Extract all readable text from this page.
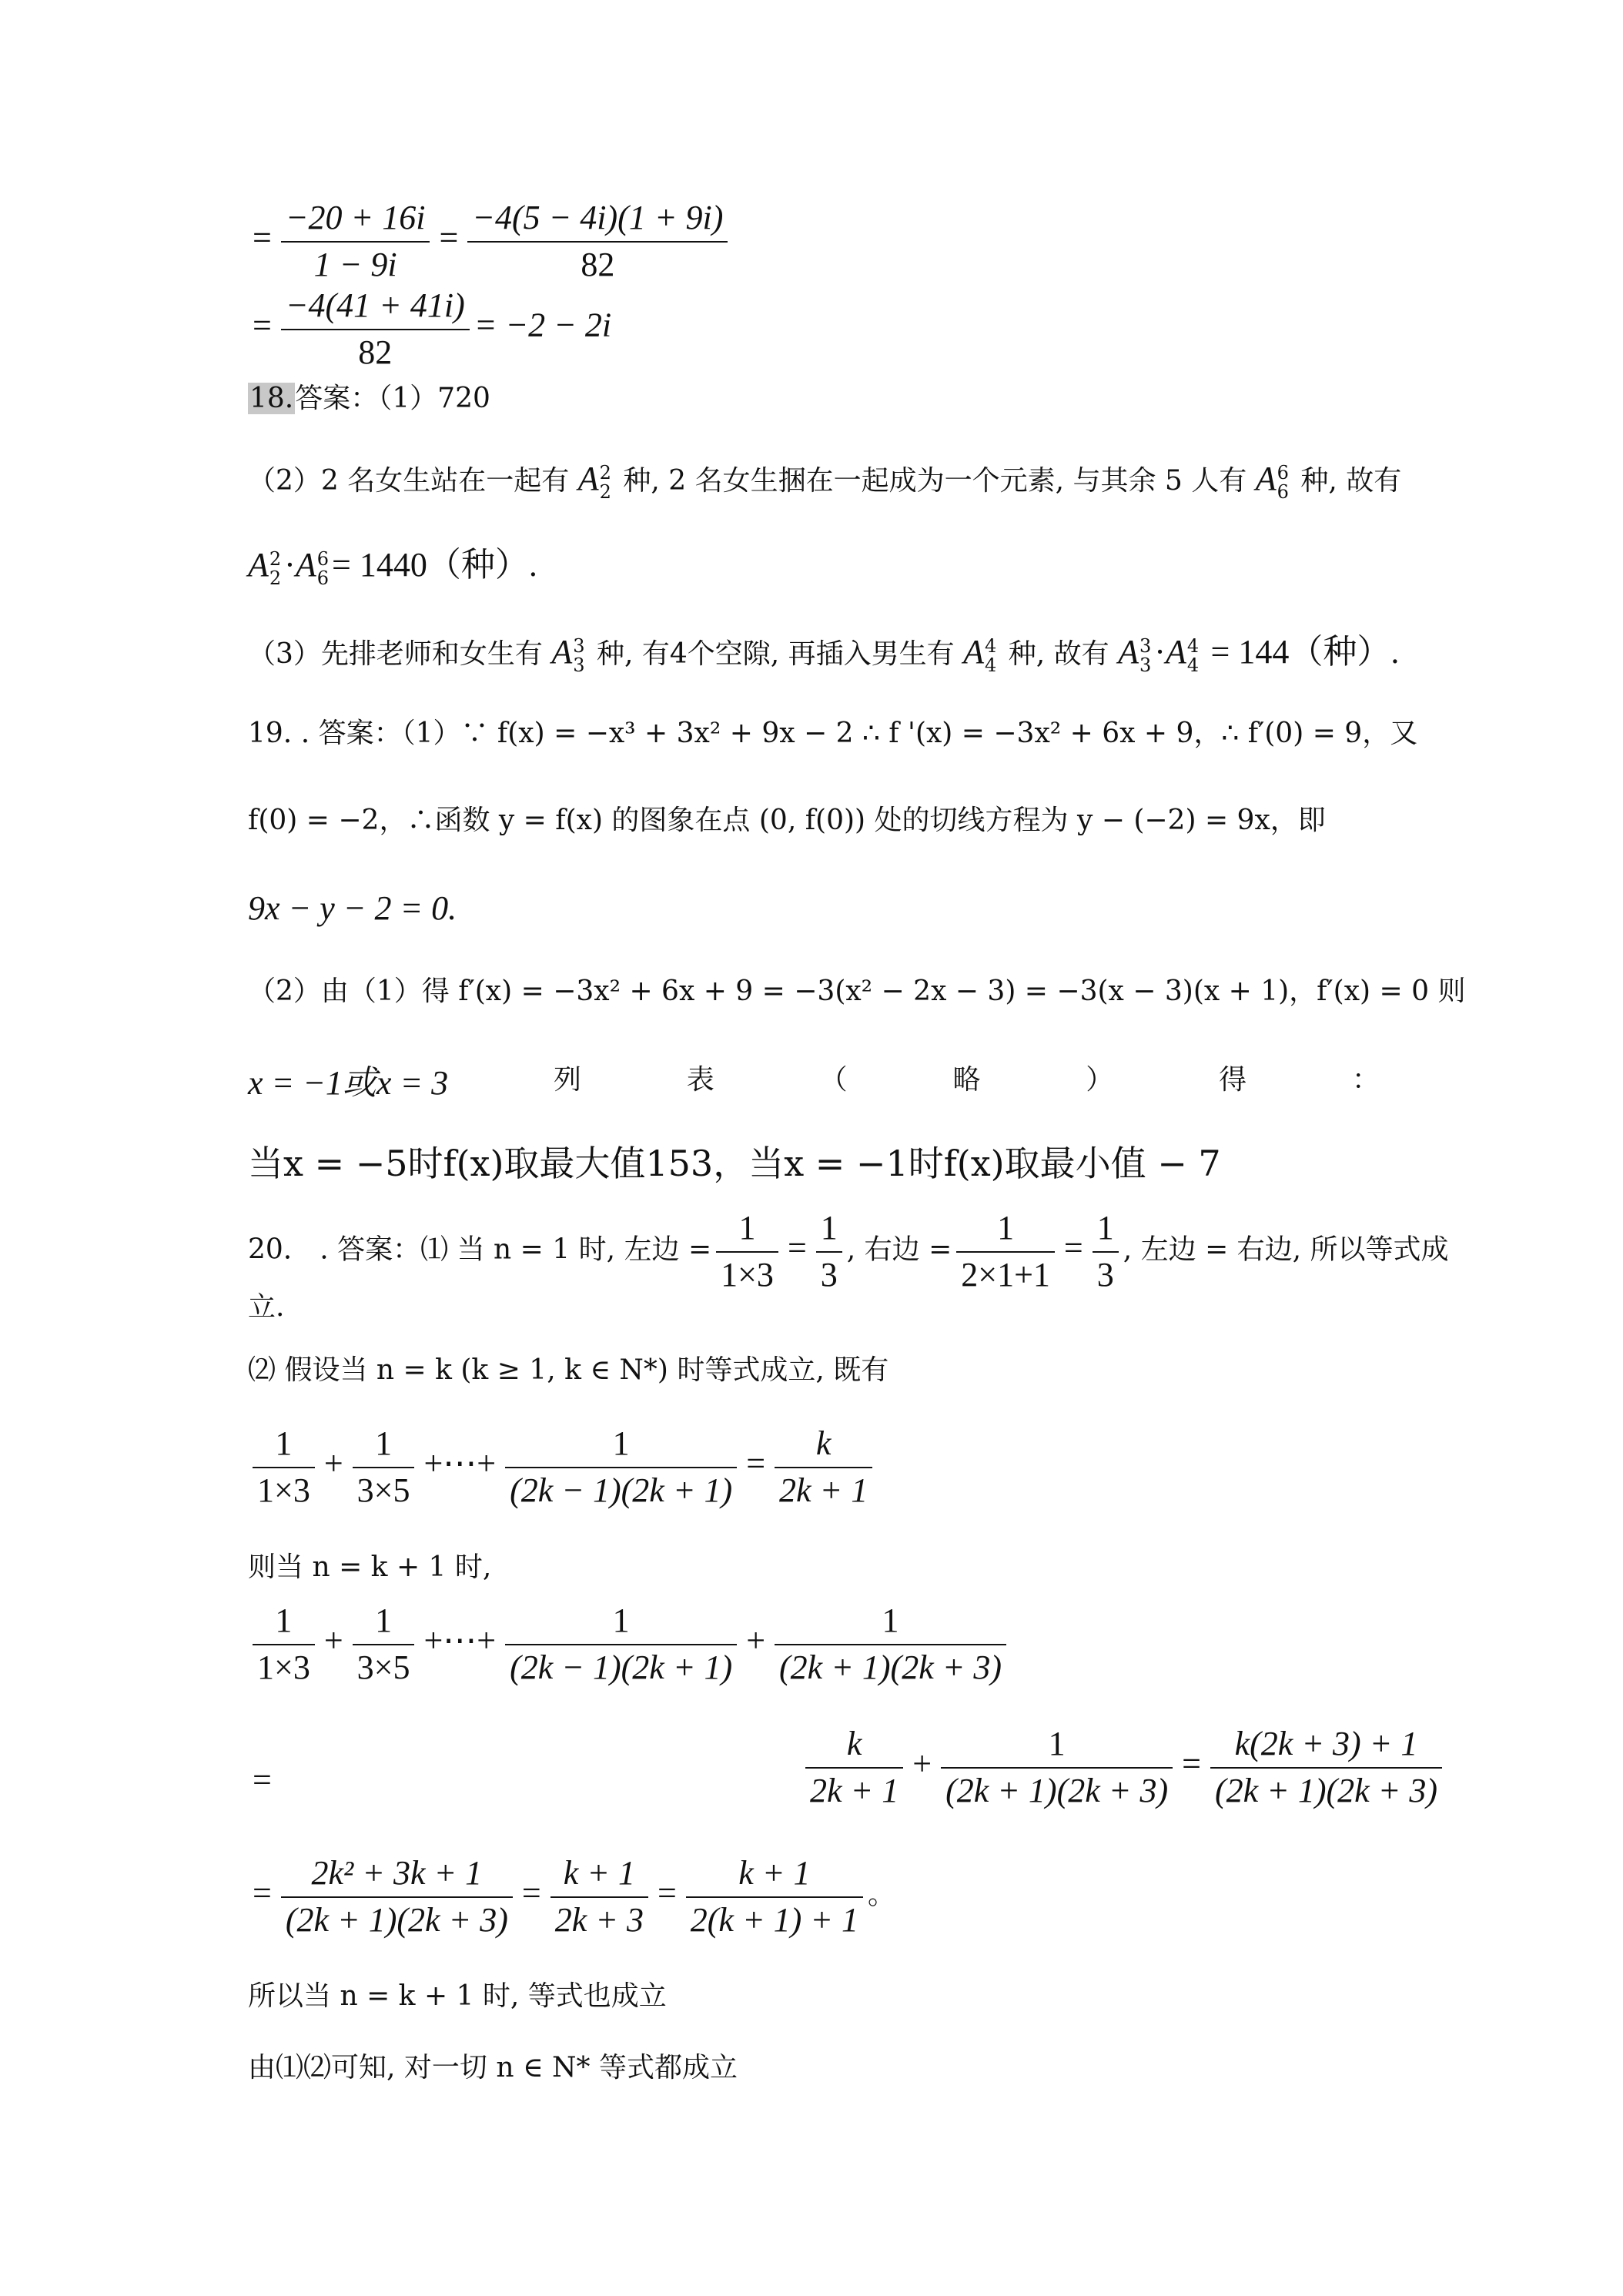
= $\frac{-20 + 16i}{1 - 9i} = \frac{-4(5 - 4i)(1 + 9i)}{82}$
= $\frac{-4(41 + 41i)}{82} = -2 - 2i$
18.答案：（1）720
（2）2 名女生站在一起有 A 2
2 种, 2 名女生捆在一起成为一个元素, 与其余 5 人有 A 6
6 种, 故有
A 2
2 ·A 6
6 = 1440（种）.
（3）先排老师和女生有 A 3
3 种, 有4个空隙, 再插入男生有 A 4
4 种, 故有 A 3
3 ·A 4
4 = 144（种）.
19. . 答案：（1）∵ f(x) = −x³ + 3x² + 9x − 2 ∴ f '(x) = −3x² + 6x + 9，∴ f′(0) = 9，又
f(0) = −2，∴函数 y = f(x) 的图象在点 (0, f(0)) 处的切线方程为 y − (−2) = 9x，即
9x − y − 2 = 0.
（2）由（1）得 f′(x) = −3x² + 6x + 9 = −3(x² − 2x − 3) = −3(x − 3)(x + 1)，f′(x) = 0 则
x = −1或x = 3	列	表	（	略	）	得	：
当x = −5时f(x)取最大值153，当x = −1时f(x)取最小值 − 7
20.　. 答案：⑴ 当 n = 1 时, 左边 = $\frac{1}{1\times 3} = \frac{1}{3}$ , 右边 = $\frac{1}{2\times 1+1} = \frac{1}{3}$ , 左边 = 右边, 所以等式成
立.
⑵ 假设当 n = k (k ≥ 1, k ∈ N*) 时等式成立, 既有
$\frac{1}{1\times 3} + \frac{1}{3\times 5}$ +⋯+ $\frac{1}{(2k - 1)(2k + 1)} = \frac{k}{2k + 1}$
则当 n = k + 1 时,
$\frac{1}{1\times 3} + \frac{1}{3\times 5}$ +⋯+ $\frac{1}{(2k - 1)(2k + 1)} + \frac{1}{(2k + 1)(2k + 3)}$
=	$\frac{k}{2k + 1} + \frac{1}{(2k + 1)(2k + 3)} = \frac{k(2k + 3) + 1}{(2k + 1)(2k + 3)}$
= $\frac{\text{2k² + 3k + 1}}{(2k + 1)(2k + 3)} = \frac{k + 1}{2k + 3} = \frac{k + 1}{2(k + 1) + 1}$ 。
所以当 n = k + 1 时, 等式也成立
由⑴⑵可知, 对一切 n ∈ N* 等式都成立
